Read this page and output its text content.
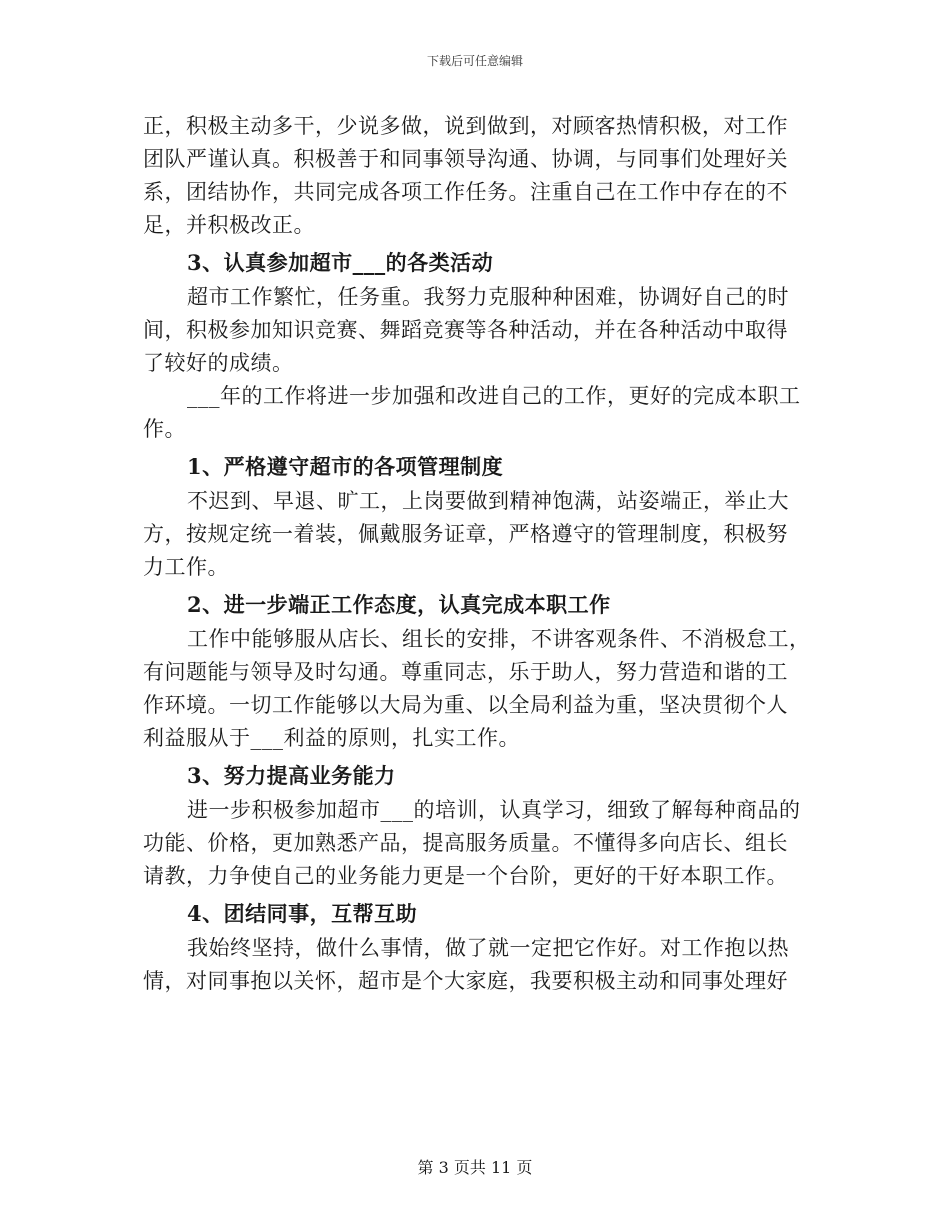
下载后可任意编辑
正，积极主动多干，少说多做，说到做到，对顾客热情积极，对工作
团队严谨认真。积极善于和同事领导沟通、协调，与同事们处理好关
系，团结协作，共同完成各项工作任务。注重自己在工作中存在的不
足，并积极改正。
3、认真参加超市___的各类活动
超市工作繁忙，任务重。我努力克服种种困难，协调好自己的时
间，积极参加知识竞赛、舞蹈竞赛等各种活动，并在各种活动中取得
了较好的成绩。
___年的工作将进一步加强和改进自己的工作，更好的完成本职工
作。
1、严格遵守超市的各项管理制度
不迟到、早退、旷工，上岗要做到精神饱满，站姿端正，举止大
方，按规定统一着装，佩戴服务证章，严格遵守的管理制度，积极努
力工作。
2、进一步端正工作态度，认真完成本职工作
工作中能够服从店长、组长的安排，不讲客观条件、不消极怠工，
有问题能与领导及时勾通。尊重同志，乐于助人，努力营造和谐的工
作环境。一切工作能够以大局为重、以全局利益为重，坚决贯彻个人
利益服从于___利益的原则，扎实工作。
3、努力提高业务能力
进一步积极参加超市___的培训，认真学习，细致了解每种商品的
功能、价格，更加熟悉产品，提高服务质量。不懂得多向店长、组长
请教，力争使自己的业务能力更是一个台阶，更好的干好本职工作。
4、团结同事，互帮互助
我始终坚持，做什么事情，做了就一定把它作好。对工作抱以热
情，对同事抱以关怀，超市是个大家庭，我要积极主动和同事处理好
第 3 页共 11 页
